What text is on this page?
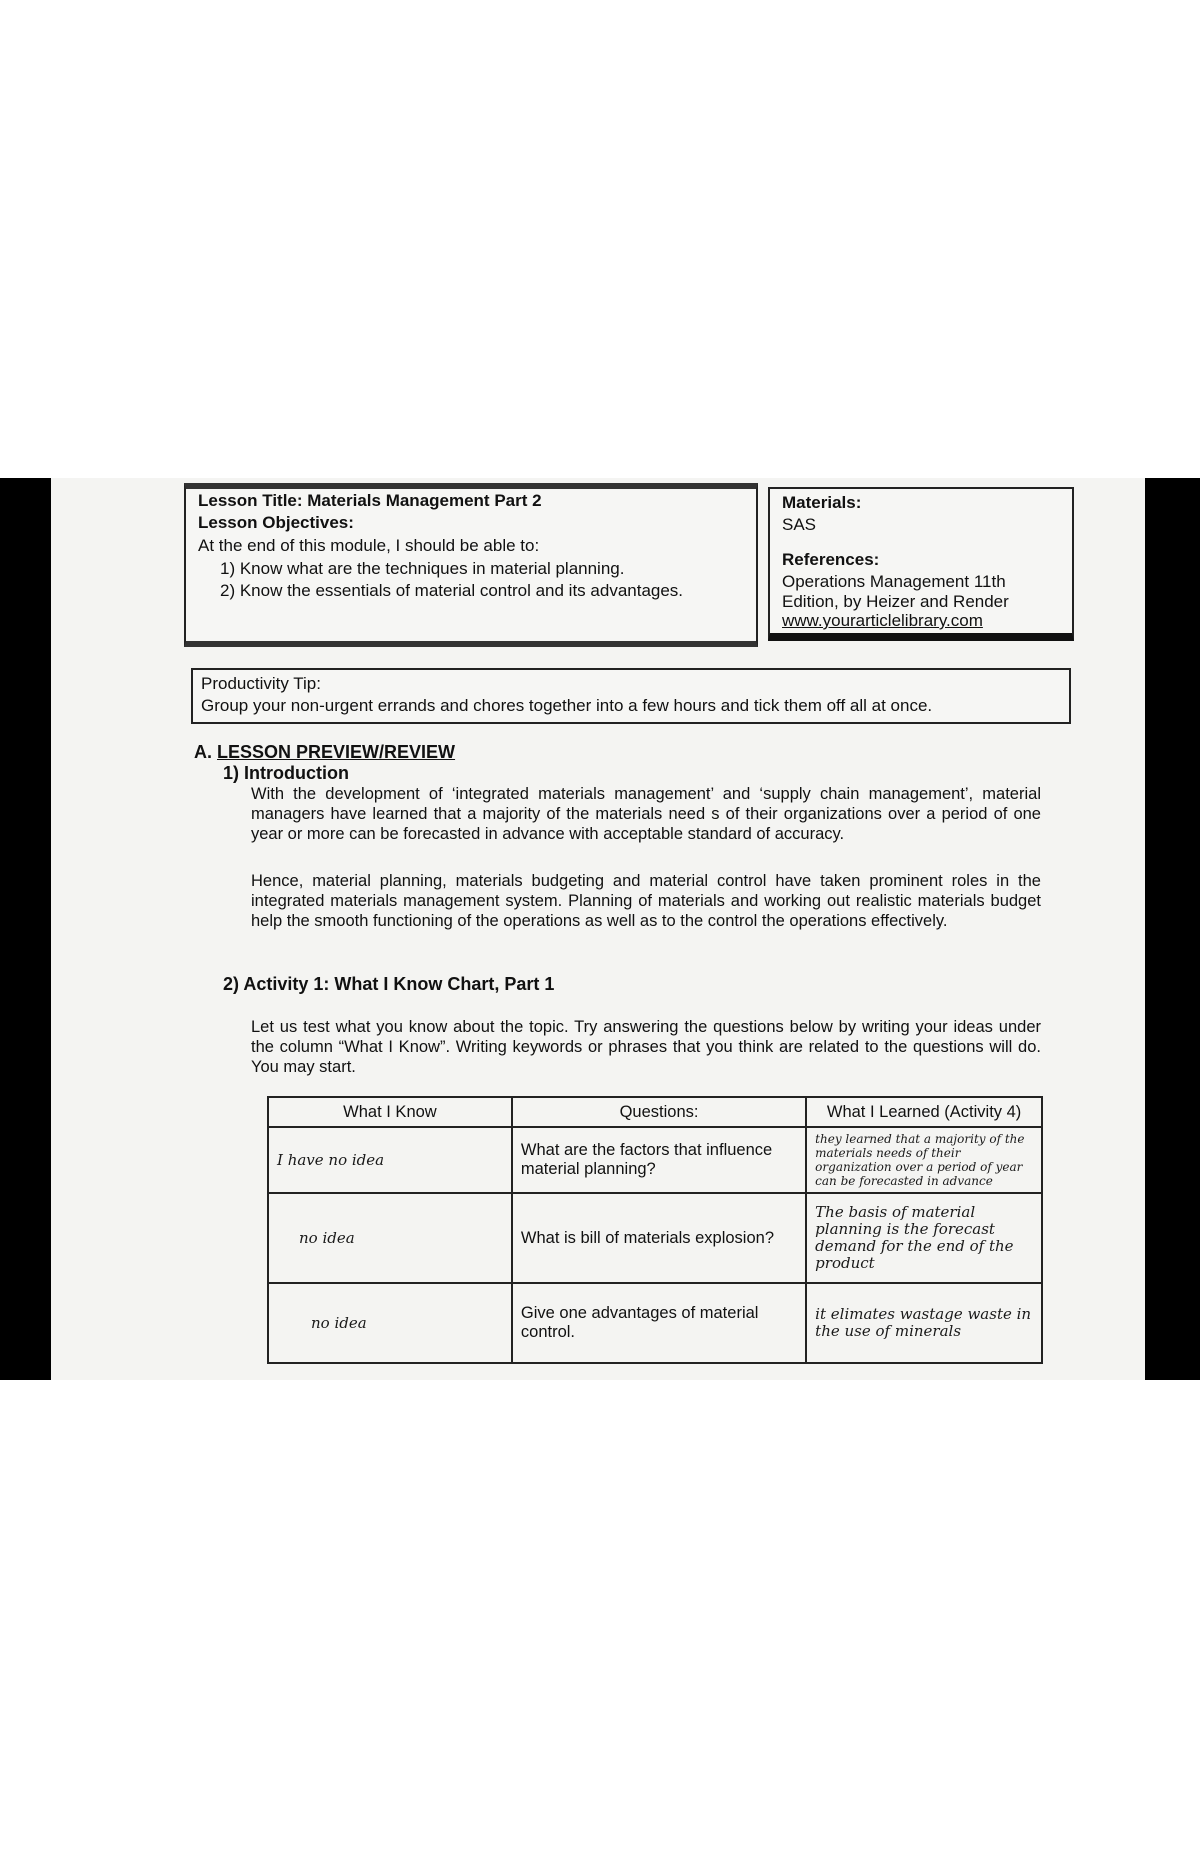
Lesson Title: Materials Management Part 2
Lesson Objectives:
At the end of this module, I should be able to:
1) Know what are the techniques in material planning.
2) Know the essentials of material control and its advantages.
Materials:
SAS
References:
Operations Management 11th
Edition, by Heizer and Render
www.yourarticlelibrary.com
Productivity Tip:
Group your non-urgent errands and chores together into a few hours and tick them off all at once.
A. LESSON PREVIEW/REVIEW
1) Introduction
With the development of ‘integrated materials management’ and ‘supply chain management’, material managers have learned that a majority of the materials need s of their organizations over a period of one year or more can be forecasted in advance with acceptable standard of accuracy.
Hence, material planning, materials budgeting and material control have taken prominent roles in the integrated materials management system. Planning of materials and working out realistic materials budget help the smooth functioning of the operations as well as to the control the operations effectively.
2) Activity 1: What I Know Chart, Part 1
Let us test what you know about the topic. Try answering the questions below by writing your ideas under the column “What I Know”. Writing keywords or phrases that you think are related to the questions will do. You may start.
What I Know	Questions:	What I Learned (Activity 4)
I have no idea	What are the factors that influence material planning?	they learned that a majority of the materials needs of their organization over a period of year can be forecasted in advance
no idea	What is bill of materials explosion?	The basis of material planning is the forecast demand for the end of the product
no idea	Give one advantages of material control.	it elimates wastage waste in the use of minerals
